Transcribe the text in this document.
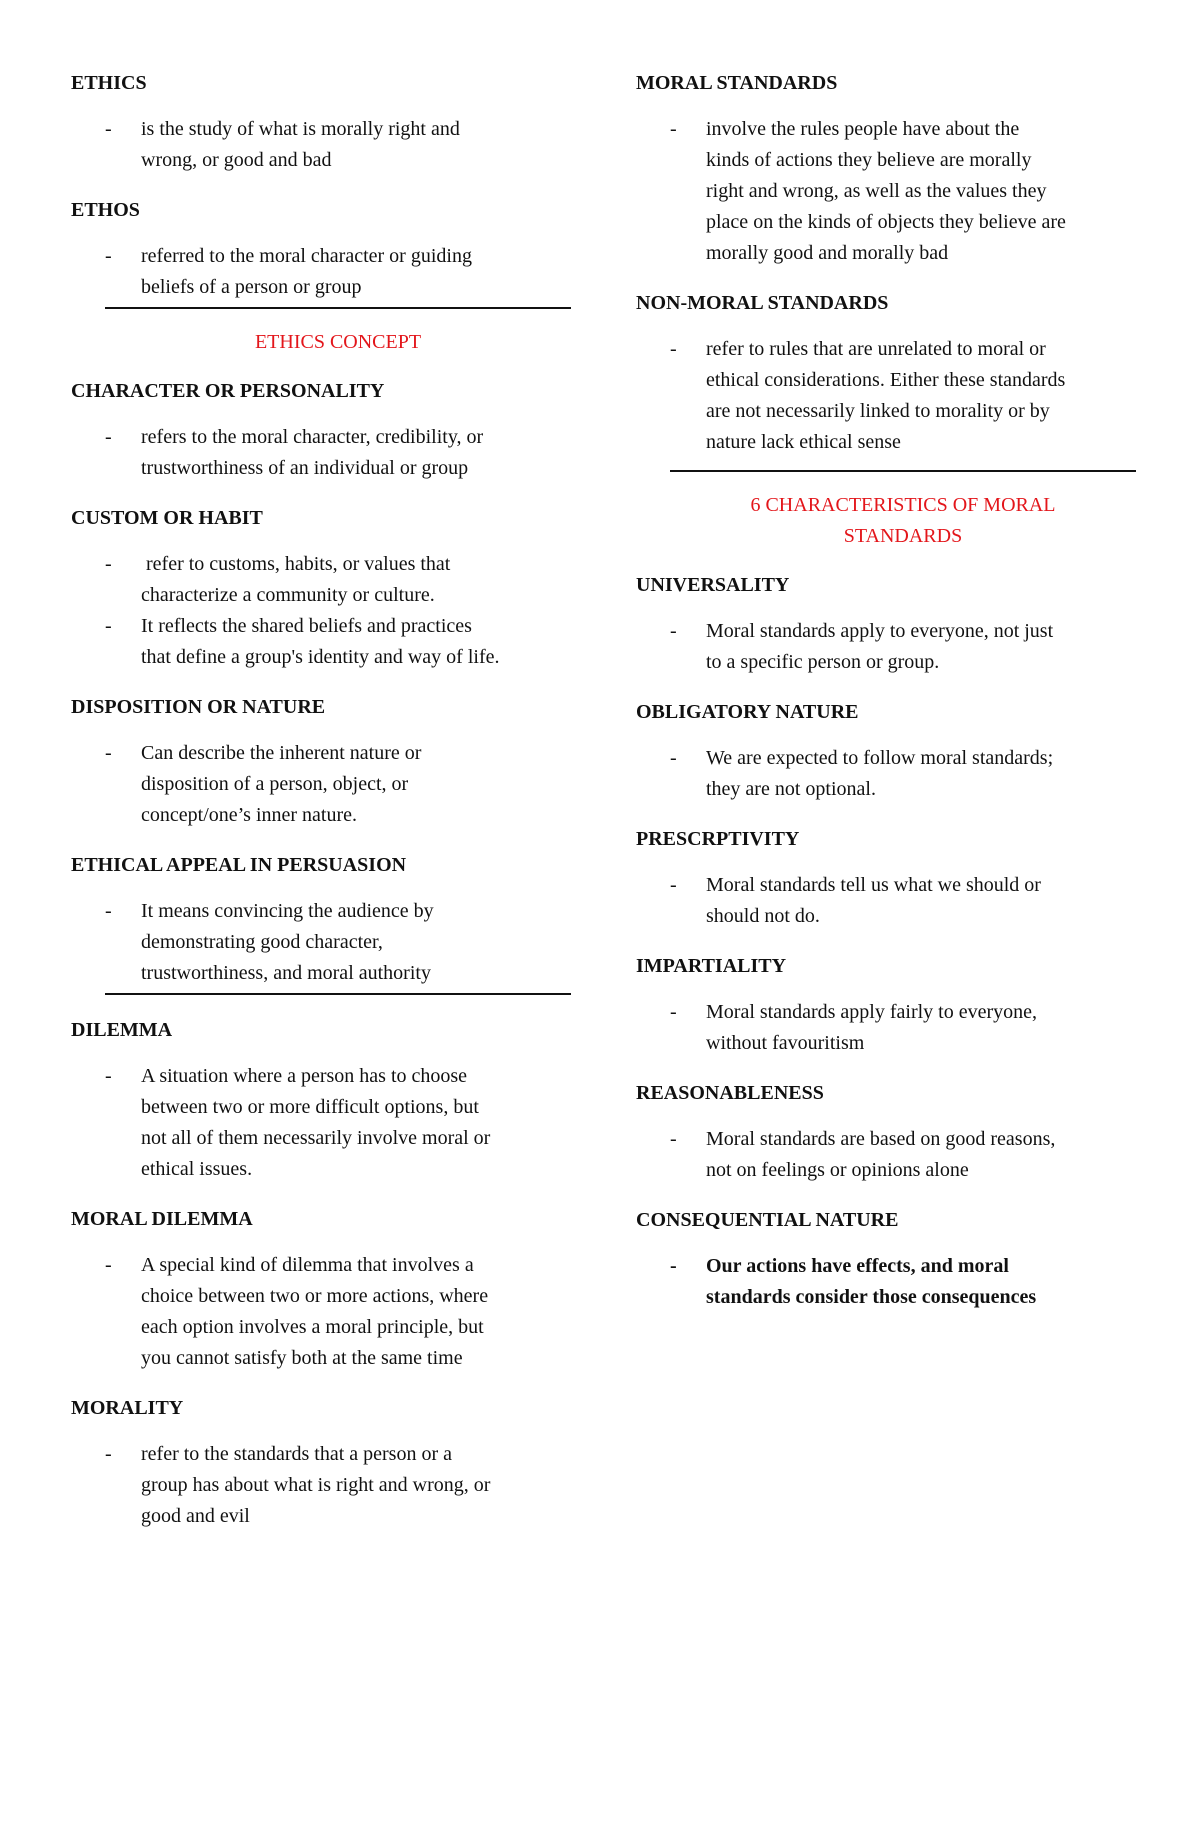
ETHICS

- is the study of what is morally right and
wrong, or good and bad

ETHOS

- referred to the moral character or guiding
beliefs of a person or group
ETHICS CONCEPT

CHARACTER OR PERSONALITY

- refers to the moral character, credibility, or
trustworthiness of an individual or group

CUSTOM OR HABIT

- refer to customs, habits, or values that
characterize a community or culture.
- It reflects the shared beliefs and practices
that define a group's identity and way of life.

DISPOSITION OR NATURE

- Can describe the inherent nature or
disposition of a person, object, or
concept/one’s inner nature.

ETHICAL APPEAL IN PERSUASION

- It means convincing the audience by
demonstrating good character,
trustworthiness, and moral authority

DILEMMA

- A situation where a person has to choose
between two or more difficult options, but
not all of them necessarily involve moral or
ethical issues.

MORAL DILEMMA

- A special kind of dilemma that involves a
choice between two or more actions, where
each option involves a moral principle, but
you cannot satisfy both at the same time

MORALITY

- refer to the standards that a person or a
group has about what is right and wrong, or
good and evil

MORAL STANDARDS

- involve the rules people have about the
kinds of actions they believe are morally
right and wrong, as well as the values they
place on the kinds of objects they believe are
morally good and morally bad

NON-MORAL STANDARDS

- refer to rules that are unrelated to moral or
ethical considerations. Either these standards
are not necessarily linked to morality or by
nature lack ethical sense
6 CHARACTERISTICS OF MORAL
STANDARDS

UNIVERSALITY

- Moral standards apply to everyone, not just
to a specific person or group.

OBLIGATORY NATURE

- We are expected to follow moral standards;
they are not optional.

PRESCRPTIVITY

- Moral standards tell us what we should or
should not do.

IMPARTIALITY

- Moral standards apply fairly to everyone,
without favouritism

REASONABLENESS

- Moral standards are based on good reasons,
not on feelings or opinions alone

CONSEQUENTIAL NATURE

- Our actions have effects, and moral
standards consider those consequences
